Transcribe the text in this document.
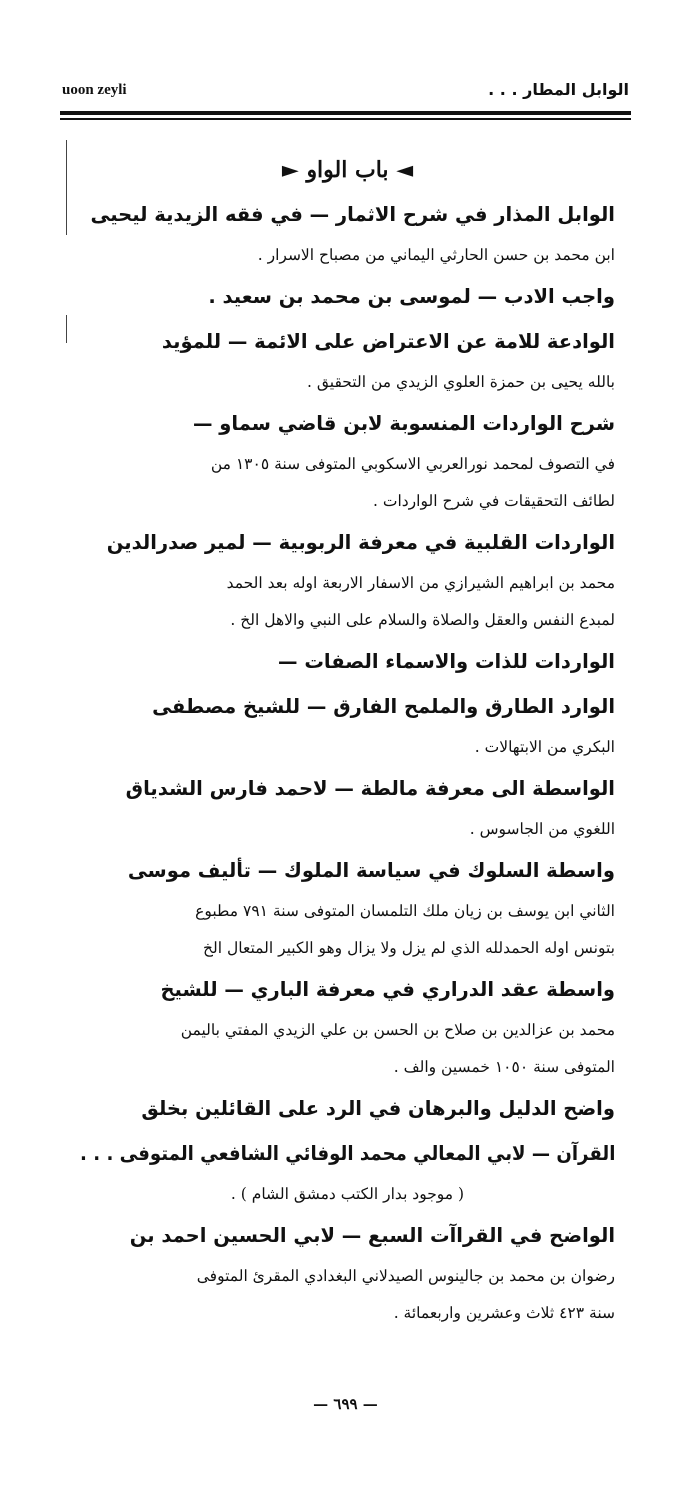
الوابل المطار . . .
uoon zeyli
◄ باب الواو ►
الوابل المذار في شرح الاثمار — في فقه الزيدية ليحيى
ابن محمد بن حسن الحارثي اليماني من مصباح الاسرار .
واجب الادب — لموسى بن محمد بن سعيد .
الوادعة للامة عن الاعتراض على الائمة — للمؤيد
بالله يحيى بن حمزة العلوي الزيدي من التحقيق .
شرح الواردات المنسوبة لابن قاضي سماو —
في التصوف لمحمد نورالعربي الاسكوبي المتوفى سنة ١٣٠٥ من
لطائف التحقيقات في شرح الواردات .
الواردات القلبية في معرفة الربوبية — لمير صدرالدين
محمد بن ابراهيم الشيرازي من الاسفار الاربعة اوله بعد الحمد
لمبدع النفس والعقل والصلاة والسلام على النبي والاهل الخ .
الواردات للذات والاسماء الصفات —
الوارد الطارق والملمح الفارق — للشيخ مصطفى
البكري من الابتهالات .
الواسطة الى معرفة مالطة — لاحمد فارس الشدياق
اللغوي من الجاسوس .
واسطة السلوك في سياسة الملوك — تأليف موسى
الثاني ابن يوسف بن زيان ملك التلمسان المتوفى سنة ٧٩١ مطبوع
بتونس اوله الحمدلله الذي لم يزل ولا يزال وهو الكبير المتعال الخ
واسطة عقد الدراري في معرفة الباري — للشيخ
محمد بن عزالدين بن صلاح بن الحسن بن علي الزيدي المفتي باليمن
المتوفى سنة ١٠٥٠ خمسين والف .
واضح الدليل والبرهان في الرد على القائلين بخلق
القرآن — لابي المعالي محمد الوفائي الشافعي المتوفى . . .
( موجود بدار الكتب دمشق الشام ) .
الواضح في القراآت السبع — لابي الحسين احمد بن
رضوان بن محمد بن جالينوس الصيدلاني البغدادي المقرئ المتوفى
سنة ٤٢٣ ثلاث وعشرين واربعمائة .
— ٦٩٩ —
